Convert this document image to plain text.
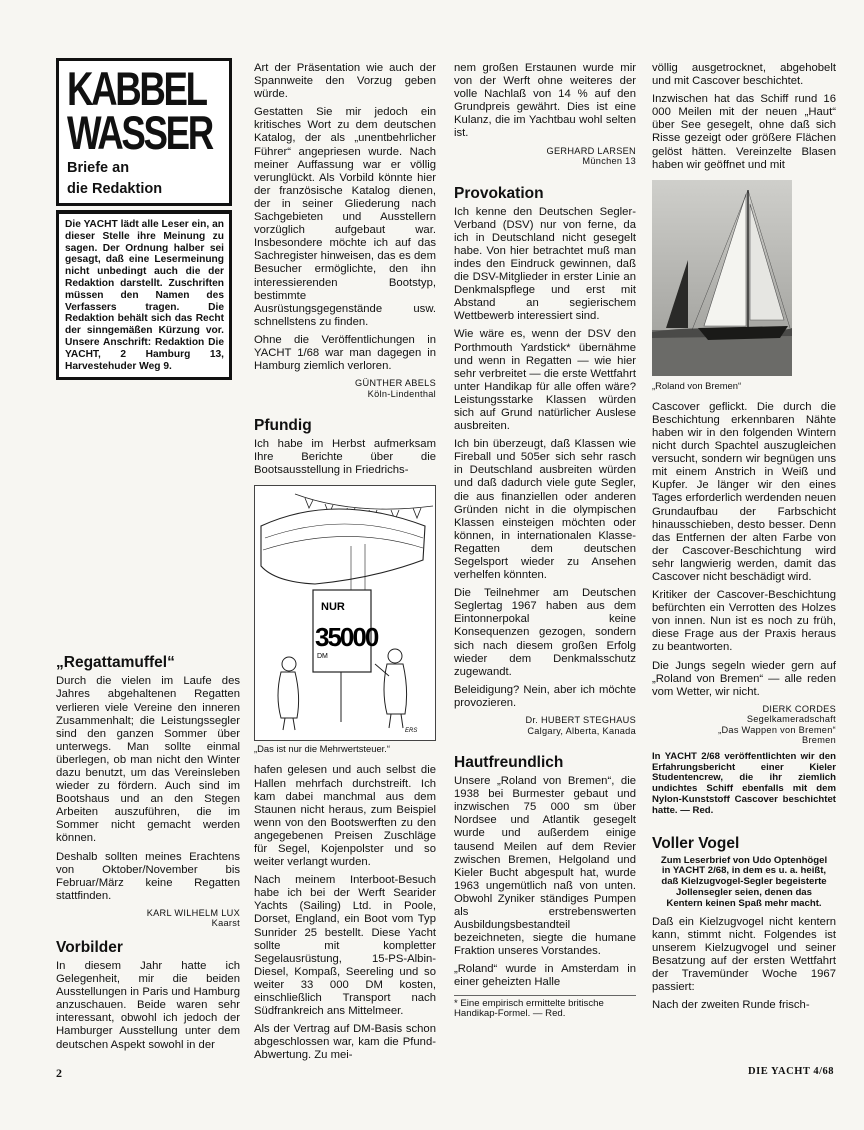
KABBEL
WASSER
Briefe an
die Redaktion
Die YACHT lädt alle Leser ein, an dieser Stelle ihre Meinung zu sagen. Der Ordnung halber sei gesagt, daß eine Lesermeinung nicht unbedingt auch die der Redaktion darstellt. Zuschriften müssen den Namen des Verfassers tragen. Die Redaktion behält sich das Recht der sinngemäßen Kürzung vor. Unsere Anschrift: Redaktion Die YACHT, 2 Hamburg 13, Harvestehuder Weg 9.
„Regattamuffel“

Durch die vielen im Laufe des Jahres abgehaltenen Regatten verlieren viele Vereine den inneren Zusammenhalt; die Leistungssegler sind den ganzen Sommer über unterwegs. Man sollte einmal überlegen, ob man nicht den Winter dazu benutzt, um das Vereinsleben wieder zu fördern. Auch sind im Bootshaus und an den Stegen Arbeiten auszuführen, die im Sommer nicht gemacht werden können.

Deshalb sollten meines Erachtens von Oktober/November bis Februar/März keine Regatten stattfinden.

KARL WILHELM LUX
Kaarst
Vorbilder

In diesem Jahr hatte ich Gelegenheit, mir die beiden Ausstellungen in Paris und Hamburg anzuschauen. Beide waren sehr interessant, obwohl ich jedoch der Hamburger Ausstellung unter dem deutschen Aspekt sowohl in der

Art der Präsentation wie auch der Spannweite den Vorzug geben würde.

Gestatten Sie mir jedoch ein kritisches Wort zu dem deutschen Katalog, der als „unentbehrlicher Führer“ angepriesen wurde. Nach meiner Auffassung war er völlig verunglückt. Als Vorbild könnte hier der französische Katalog dienen, der in seiner Gliederung nach Sachgebieten und Ausstellern vorzüglich aufgebaut war. Insbesondere möchte ich auf das Sachregister hinweisen, das es dem Besucher ermöglichte, den ihn interessierenden Bootstyp, bestimmte Ausrüstungsgegenstände usw. schnellstens zu finden.

Ohne die Veröffentlichungen in YACHT 1/68 war man dagegen in Hamburg ziemlich verloren.

GÜNTHER ABELS
Köln-Lindenthal
Pfundig

Ich habe im Herbst aufmerksam Ihre Berichte über die Bootsausstellung in Friedrichs-

NUR
35000
DM
ERS
„Das ist nur die Mehrwertsteuer.“

hafen gelesen und auch selbst die Hallen mehrfach durchstreift. Ich kam dabei manchmal aus dem Staunen nicht heraus, zum Beispiel wenn von den Bootswerften zu den angegebenen Preisen Zuschläge für Segel, Kojenpolster und so weiter verlangt wurden.

Nach meinem Interboot-Besuch habe ich bei der Werft Searider Yachts (Sailing) Ltd. in Poole, Dorset, England, ein Boot vom Typ Sunrider 25 bestellt. Diese Yacht sollte mit kompletter Segelausrüstung, 15-PS-Albin-Diesel, Kompaß, Seereling und so weiter 33 000 DM kosten, einschließlich Transport nach Südfrankreich ans Mittelmeer.

Als der Vertrag auf DM-Basis schon abgeschlossen war, kam die Pfund-Abwertung. Zu mei-

nem großen Erstaunen wurde mir von der Werft ohne weiteres der volle Nachlaß von 14 % auf den Grundpreis gewährt. Dies ist eine Kulanz, die im Yachtbau wohl selten ist.

GERHARD LARSEN
München 13
Provokation

Ich kenne den Deutschen Segler-Verband (DSV) nur von ferne, da ich in Deutschland nicht gesegelt habe. Von hier betrachtet muß man indes den Eindruck gewinnen, daß die DSV-Mitglieder in erster Linie an Denkmalspflege und erst mit Abstand an segierischem Wettbewerb interessiert sind.

Wie wäre es, wenn der DSV den Porthmouth Yardstick* übernähme und wenn in Regatten — wie hier sehr verbreitet — die erste Wettfahrt unter Handikap für alle offen wäre? Leistungsstarke Klassen würden sich auf Grund natürlicher Auslese ausbreiten.

Ich bin überzeugt, daß Klassen wie Fireball und 505er sich sehr rasch in Deutschland ausbreiten würden und daß dadurch viele gute Segler, die aus finanziellen oder anderen Gründen nicht in die olympischen Klassen einsteigen möchten oder können, in internationalen Klasse-Regatten dem deutschen Segelsport wieder zu Ansehen verhelfen könnten.

Die Teilnehmer am Deutschen Seglertag 1967 haben aus dem Eintonnerpokal keine Konsequenzen gezogen, sondern sich nach diesem großen Erfolg wieder dem Denkmalsschutz zugewandt.

Beleidigung? Nein, aber ich möchte provozieren.

Dr. HUBERT STEGHAUS
Calgary, Alberta, Kanada
Hautfreundlich

Unsere „Roland von Bremen“, die 1938 bei Burmester gebaut und inzwischen 75 000 sm über Nordsee und Atlantik gesegelt wurde und außerdem einige tausend Meilen auf dem Revier zwischen Bremen, Helgoland und Kieler Bucht abgespult hat, wurde 1963 ungemütlich naß von unten. Obwohl Zyniker ständiges Pumpen als erstrebenswerten Ausbildungsbestandteil bezeichneten, siegte die humane Fraktion unseres Vorstandes.

„Roland“ wurde in Amsterdam in einer geheizten Halle

* Eine empirisch ermittelte britische Handikap-Formel. — Red.

völlig ausgetrocknet, abgehobelt und mit Cascover beschichtet.

Inzwischen hat das Schiff rund 16 000 Meilen mit der neuen „Haut“ über See gesegelt, ohne daß sich Risse gezeigt oder größere Flächen gelöst hätten. Vereinzelte Blasen haben wir geöffnet und mit

„Roland von Bremen“

Cascover geflickt. Die durch die Beschichtung erkennbaren Nähte haben wir in den folgenden Wintern nicht durch Spachtel auszugleichen versucht, sondern wir begnügen uns mit einem Anstrich in Weiß und Kupfer. Je länger wir den eines Tages erforderlich werdenden neuen Grundaufbau der Farbschicht hinausschieben, desto besser. Denn das Entfernen der alten Farbe von der Cascover-Beschichtung wird sehr langwierig werden, damit das Cascover nicht beschädigt wird.

Kritiker der Cascover-Beschichtung befürchten ein Verrotten des Holzes von innen. Nun ist es noch zu früh, diese Frage aus der Praxis heraus zu beantworten.

Die Jungs segeln wieder gern auf „Roland von Bremen“ — alle reden vom Wetter, wir nicht.

DIERK CORDES
Segelkameradschaft
„Das Wappen von Bremen“
Bremen
In YACHT 2/68 veröffentlichten wir den Erfahrungsbericht einer Kieler Studentencrew, die ihr ziemlich undichtes Schiff ebenfalls mit dem Nylon-Kunststoff Cascover beschichtet hatte. — Red.
Voller Vogel
Zum Leserbrief von Udo Optenhögel in YACHT 2/68, in dem es u. a. heißt, daß Kielzugvogel-Segler begeisterte Jollensegler seien, denen das Kentern keinen Spaß mehr macht.

Daß ein Kielzugvogel nicht kentern kann, stimmt nicht. Folgendes ist unserem Kielzugvogel und seiner Besatzung auf der ersten Wettfahrt der Travemünder Woche 1967 passiert:

Nach der zweiten Runde frisch-

2	DIE YACHT 4/68
